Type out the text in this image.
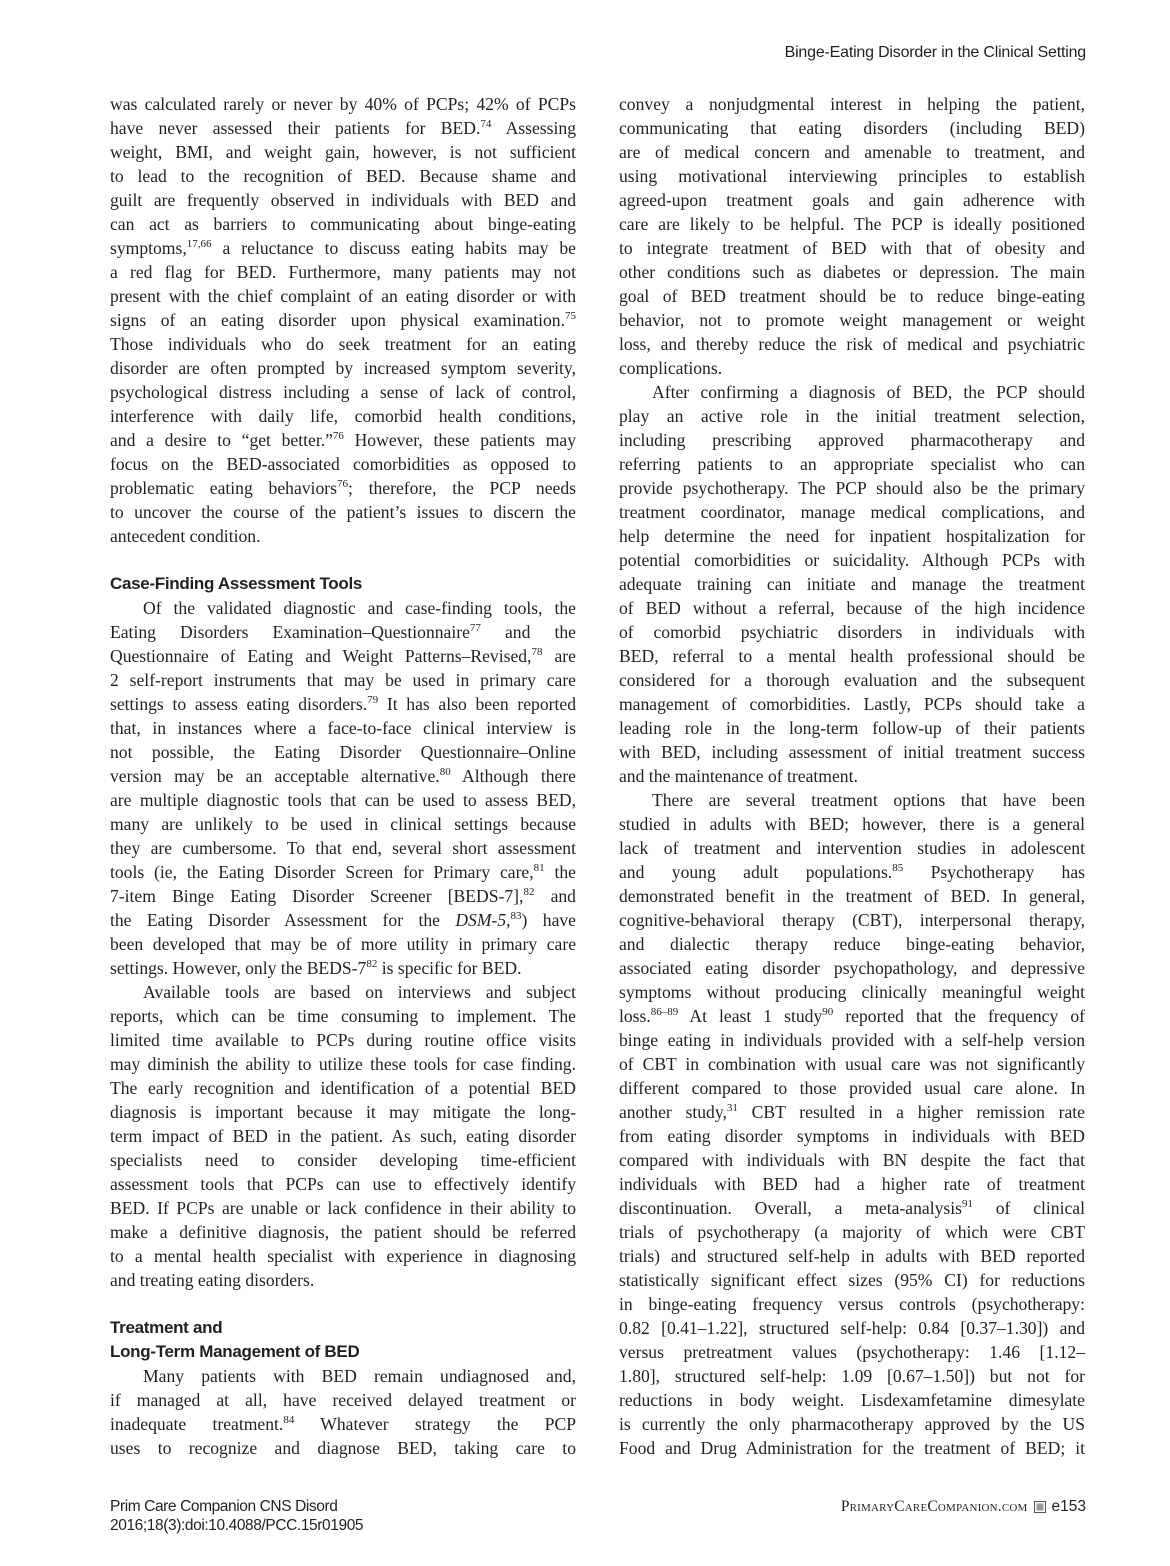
Binge-Eating Disorder in the Clinical Setting
was calculated rarely or never by 40% of PCPs; 42% of PCPs
have never assessed their patients for BED.$^{74}$ Assessing
weight, BMI, and weight gain, however, is not sufficient
to lead to the recognition of BED. Because shame and
guilt are frequently observed in individuals with BED and
can act as barriers to communicating about binge-eating
symptoms,$^{17,66}$ a reluctance to discuss eating habits may be
a red flag for BED. Furthermore, many patients may not
present with the chief complaint of an eating disorder or with
signs of an eating disorder upon physical examination.$^{75}$
Those individuals who do seek treatment for an eating
disorder are often prompted by increased symptom severity,
psychological distress including a sense of lack of control,
interference with daily life, comorbid health conditions,
and a desire to “get better.”$^{76}$ However, these patients may
focus on the BED-associated comorbidities as opposed to
problematic eating behaviors$^{76}$; therefore, the PCP needs
to uncover the course of the patient’s issues to discern the
antecedent condition.
Case-Finding Assessment Tools
Of the validated diagnostic and case-finding tools, the
Eating Disorders Examination–Questionnaire$^{77}$ and the
Questionnaire of Eating and Weight Patterns–Revised,$^{78}$ are
2 self-report instruments that may be used in primary care
settings to assess eating disorders.$^{79}$ It has also been reported
that, in instances where a face-to-face clinical interview is
not possible, the Eating Disorder Questionnaire–Online
version may be an acceptable alternative.$^{80}$ Although there
are multiple diagnostic tools that can be used to assess BED,
many are unlikely to be used in clinical settings because
they are cumbersome. To that end, several short assessment
tools (ie, the Eating Disorder Screen for Primary care,$^{81}$ the
7-item Binge Eating Disorder Screener [BEDS-7],$^{82}$ and
the Eating Disorder Assessment for the DSM-5,83) have
been developed that may be of more utility in primary care
settings. However, only the BEDS-$7^{82}$ is specific for BED.
Available tools are based on interviews and subject
reports, which can be time consuming to implement. The
limited time available to PCPs during routine office visits
may diminish the ability to utilize these tools for case finding.
The early recognition and identification of a potential BED
diagnosis is important because it may mitigate the long-
term impact of BED in the patient. As such, eating disorder
specialists need to consider developing time-efficient
assessment tools that PCPs can use to effectively identify
BED. If PCPs are unable or lack confidence in their ability to
make a definitive diagnosis, the patient should be referred
to a mental health specialist with experience in diagnosing
and treating eating disorders.
Treatment and
Long-Term Management of BED
Many patients with BED remain undiagnosed and,
if managed at all, have received delayed treatment or
inadequate treatment.$^{84}$ Whatever strategy the PCP
uses to recognize and diagnose BED, taking care to
convey a nonjudgmental interest in helping the patient,
communicating that eating disorders (including BED)
are of medical concern and amenable to treatment, and
using motivational interviewing principles to establish
agreed-upon treatment goals and gain adherence with
care are likely to be helpful. The PCP is ideally positioned
to integrate treatment of BED with that of obesity and
other conditions such as diabetes or depression. The main
goal of BED treatment should be to reduce binge-eating
behavior, not to promote weight management or weight
loss, and thereby reduce the risk of medical and psychiatric
complications.
After confirming a diagnosis of BED, the PCP should
play an active role in the initial treatment selection,
including prescribing approved pharmacotherapy and
referring patients to an appropriate specialist who can
provide psychotherapy. The PCP should also be the primary
treatment coordinator, manage medical complications, and
help determine the need for inpatient hospitalization for
potential comorbidities or suicidality. Although PCPs with
adequate training can initiate and manage the treatment
of BED without a referral, because of the high incidence
of comorbid psychiatric disorders in individuals with
BED, referral to a mental health professional should be
considered for a thorough evaluation and the subsequent
management of comorbidities. Lastly, PCPs should take a
leading role in the long-term follow-up of their patients
with BED, including assessment of initial treatment success
and the maintenance of treatment.
There are several treatment options that have been
studied in adults with BED; however, there is a general
lack of treatment and intervention studies in adolescent
and young adult populations.$^{85}$ Psychotherapy has
demonstrated benefit in the treatment of BED. In general,
cognitive-behavioral therapy (CBT), interpersonal therapy,
and dialectic therapy reduce binge-eating behavior,
associated eating disorder psychopathology, and depressive
symptoms without producing clinically meaningful weight
loss.$^{86-89}$ At least 1 study$^{90}$ reported that the frequency of
binge eating in individuals provided with a self-help version
of CBT in combination with usual care was not significantly
different compared to those provided usual care alone. In
another study,$^{31}$ CBT resulted in a higher remission rate
from eating disorder symptoms in individuals with BED
compared with individuals with BN despite the fact that
individuals with BED had a higher rate of treatment
discontinuation. Overall, a meta-analysis$^{91}$ of clinical
trials of psychotherapy (a majority of which were CBT
trials) and structured self-help in adults with BED reported
statistically significant effect sizes (95% CI) for reductions
in binge-eating frequency versus controls (psychotherapy:
0.82 [0.41–1.22], structured self-help: 0.84 [0.37–1.30]) and
versus pretreatment values (psychotherapy: 1.46 [1.12–
1.80], structured self-help: 1.09 [0.67–1.50]) but not for
reductions in body weight. Lisdexamfetamine dimesylate
is currently the only pharmacotherapy approved by the US
Food and Drug Administration for the treatment of BED; it
Prim Care Companion CNS Disord
2016;18(3):doi:10.4088/PCC.15r01905
PrimaryCareCompanion.com e153
